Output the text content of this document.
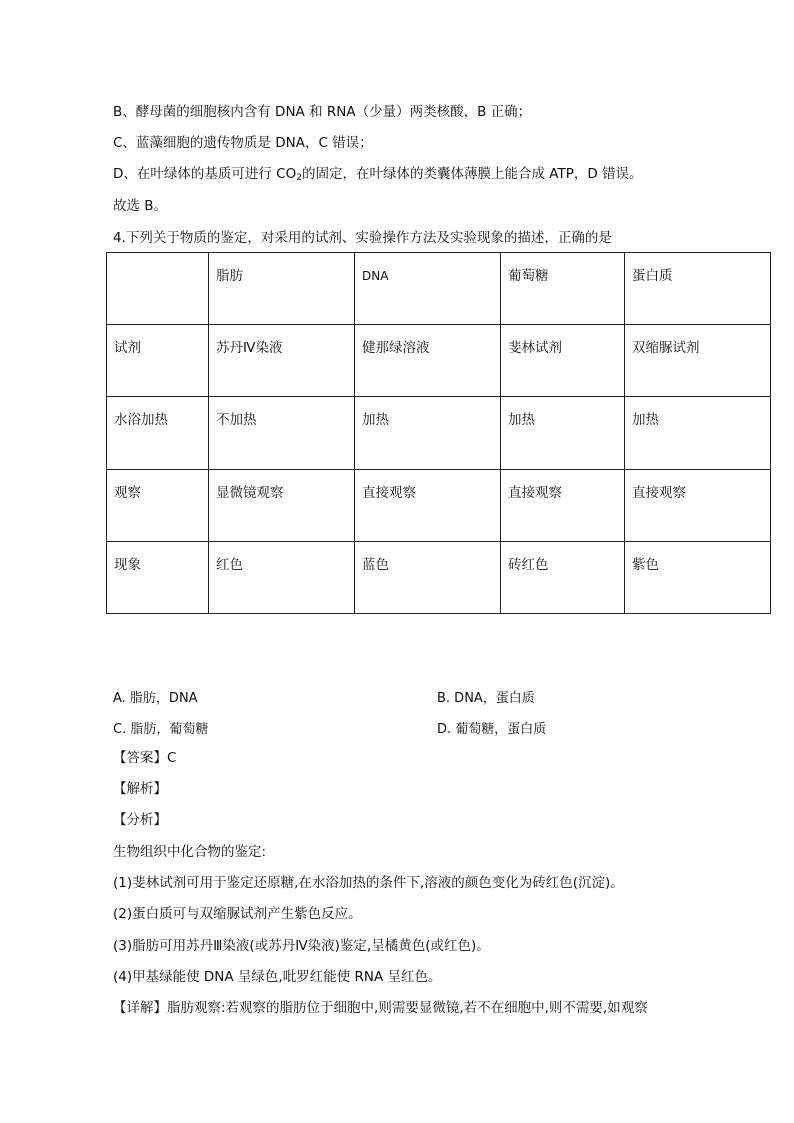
B、酵母菌的细胞核内含有 DNA 和 RNA（少量）两类核酸，B 正确；
C、蓝藻细胞的遗传物质是 DNA，C 错误；
D、在叶绿体的基质可进行 $CO_2$的固定，在叶绿体的类囊体薄膜上能合成 ATP，D 错误。
故选 B。
4.下列关于物质的鉴定，对采用的试剂、实验操作方法及实验现象的描述，正确的是
	脂肪	DNA	葡萄糖	蛋白质
试剂	苏丹Ⅳ染液	健那绿溶液	斐林试剂	双缩脲试剂
水浴加热	不加热	加热	加热	加热
观察	显微镜观察	直接观察	直接观察	直接观察
现象	红色	蓝色	砖红色	紫色
A. 脂肪，DNA	B. DNA，蛋白质
C. 脂肪，葡萄糖	D. 葡萄糖，蛋白质
【答案】C
【解析】
【分析】
生物组织中化合物的鉴定:
(1)斐林试剂可用于鉴定还原糖,在水浴加热的条件下,溶液的颜色变化为砖红色(沉淀)。
(2)蛋白质可与双缩脲试剂产生紫色反应。
(3)脂肪可用苏丹Ⅲ染液(或苏丹Ⅳ染液)鉴定,呈橘黄色(或红色)。
(4)甲基绿能使 DNA 呈绿色,吡罗红能使 RNA 呈红色。
【详解】脂肪观察:若观察的脂肪位于细胞中,则需要显微镜,若不在细胞中,则不需要,如观察
